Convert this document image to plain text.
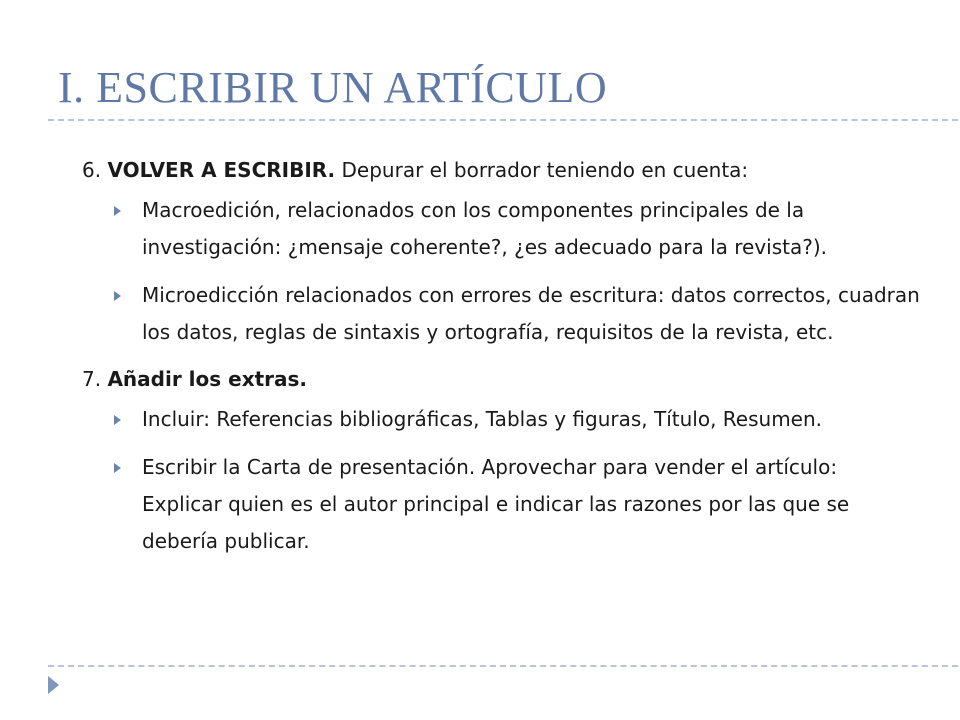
I. ESCRIBIR UN ARTÍCULO

6. VOLVER A ESCRIBIR. Depurar el borrador teniendo en cuenta:

Macroedición, relacionados con los componentes principales de la investigación: ¿mensaje coherente?, ¿es adecuado para la revista?).
Microedicción relacionados con errores de escritura: datos correctos, cuadran los datos, reglas de sintaxis y ortografía, requisitos de la revista, etc.

7. Añadir los extras.

Incluir: Referencias bibliográficas, Tablas y figuras, Título, Resumen.
Escribir la Carta de presentación. Aprovechar para vender el artículo: Explicar quien es el autor principal e indicar las razones por las que se debería publicar.
